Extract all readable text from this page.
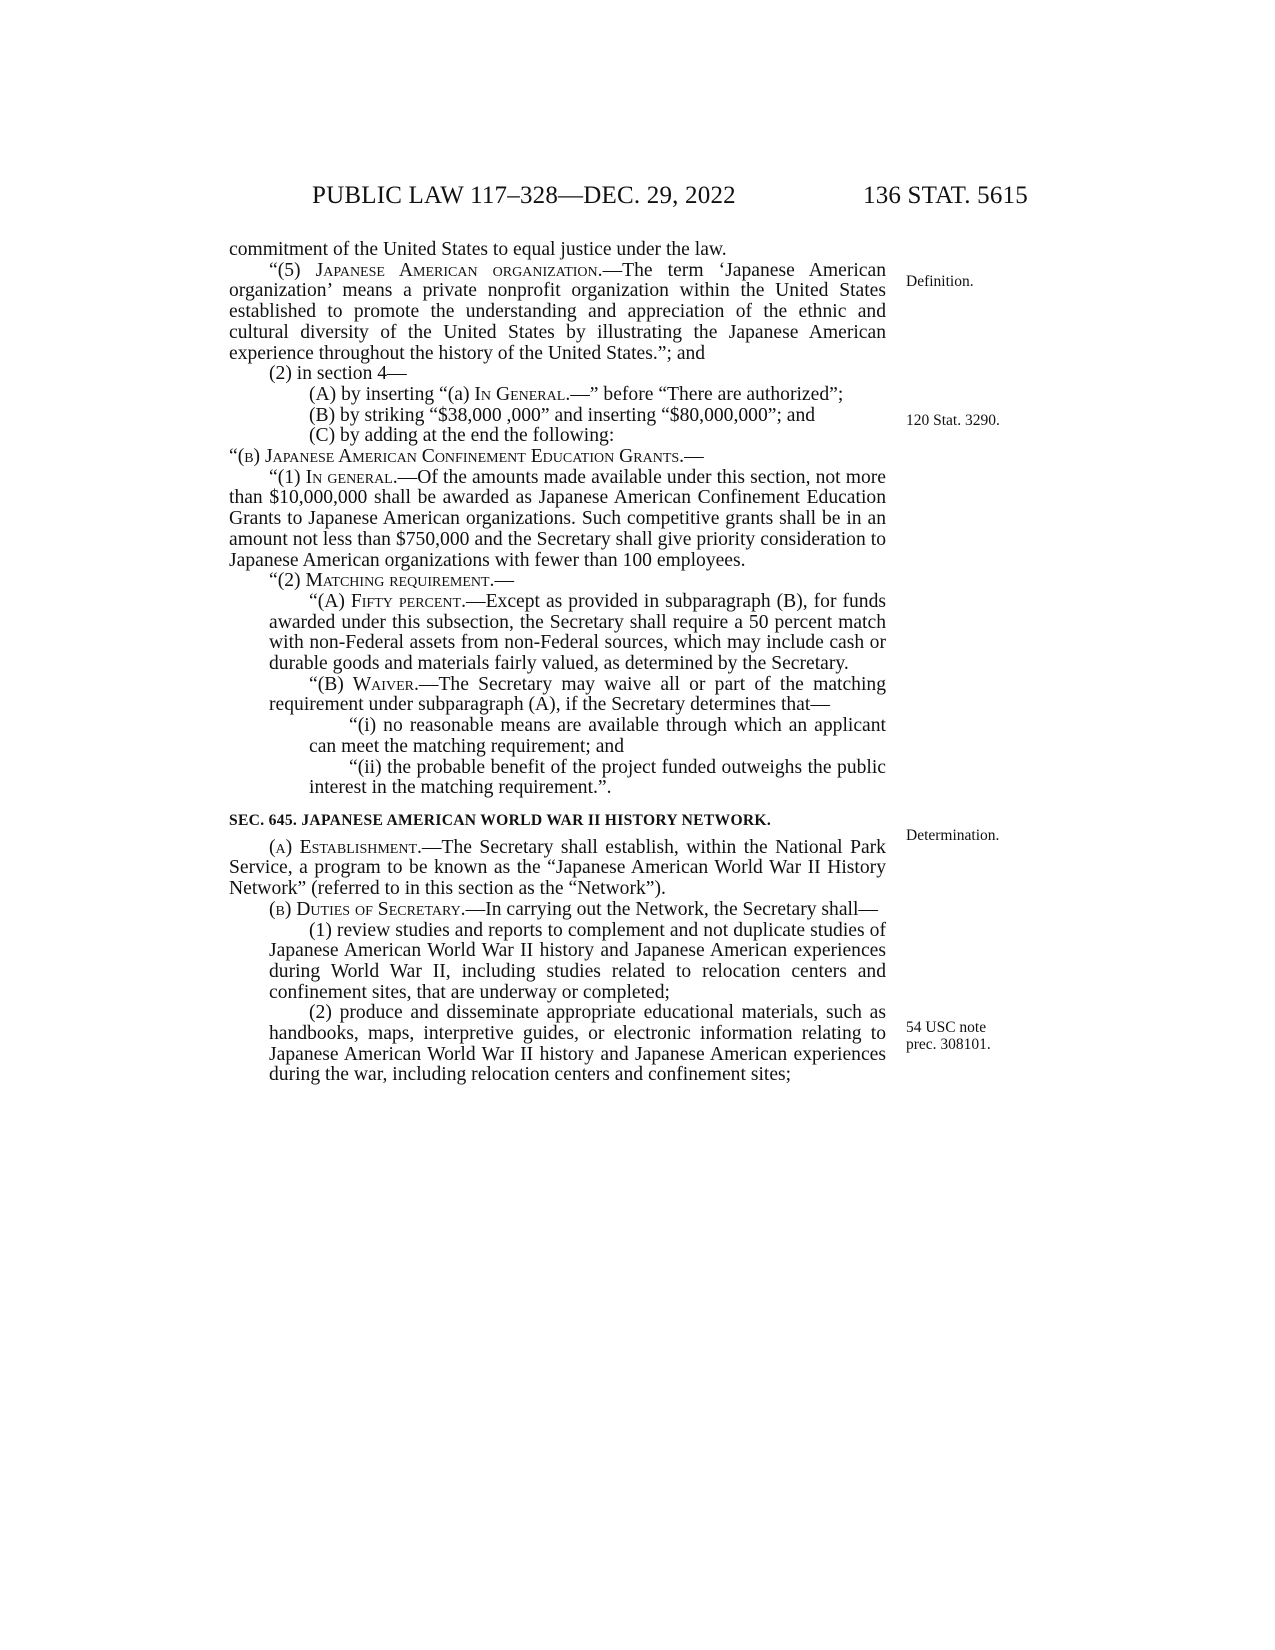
PUBLIC LAW 117–328—DEC. 29, 2022	136 STAT. 5615

commitment of the United States to equal justice under the law.

“(5) Japanese American organization.—The term ‘Japanese American organization’ means a private nonprofit organization within the United States established to promote the understanding and appreciation of the ethnic and cultural diversity of the United States by illustrating the Japanese American experience throughout the history of the United States.”; and

(2) in section 4—

(A) by inserting “(a) In General.—” before “There are authorized”;

(B) by striking “$38,000 ,000” and inserting “$80,000,000”; and

(C) by adding at the end the following:

“(b) Japanese American Confinement Education Grants.—

“(1) In general.—Of the amounts made available under this section, not more than $10,000,000 shall be awarded as Japanese American Confinement Education Grants to Japanese American organizations. Such competitive grants shall be in an amount not less than $750,000 and the Secretary shall give priority consideration to Japanese American organizations with fewer than 100 employees.

“(2) Matching requirement.—

“(A) Fifty percent.—Except as provided in subparagraph (B), for funds awarded under this subsection, the Secretary shall require a 50 percent match with non-Federal assets from non-Federal sources, which may include cash or durable goods and materials fairly valued, as determined by the Secretary.

“(B) Waiver.—The Secretary may waive all or part of the matching requirement under subparagraph (A), if the Secretary determines that—

“(i) no reasonable means are available through which an applicant can meet the matching requirement; and

“(ii) the probable benefit of the project funded outweighs the public interest in the matching requirement.”.

SEC. 645. JAPANESE AMERICAN WORLD WAR II HISTORY NETWORK.

(a) Establishment.—The Secretary shall establish, within the National Park Service, a program to be known as the “Japanese American World War II History Network” (referred to in this section as the “Network”).

(b) Duties of Secretary.—In carrying out the Network, the Secretary shall—

(1) review studies and reports to complement and not duplicate studies of Japanese American World War II history and Japanese American experiences during World War II, including studies related to relocation centers and confinement sites, that are underway or completed;

(2) produce and disseminate appropriate educational materials, such as handbooks, maps, interpretive guides, or electronic information relating to Japanese American World War II history and Japanese American experiences during the war, including relocation centers and confinement sites;

Definition.
120 Stat. 3290.
Determination.
54 USC note
prec. 308101.
